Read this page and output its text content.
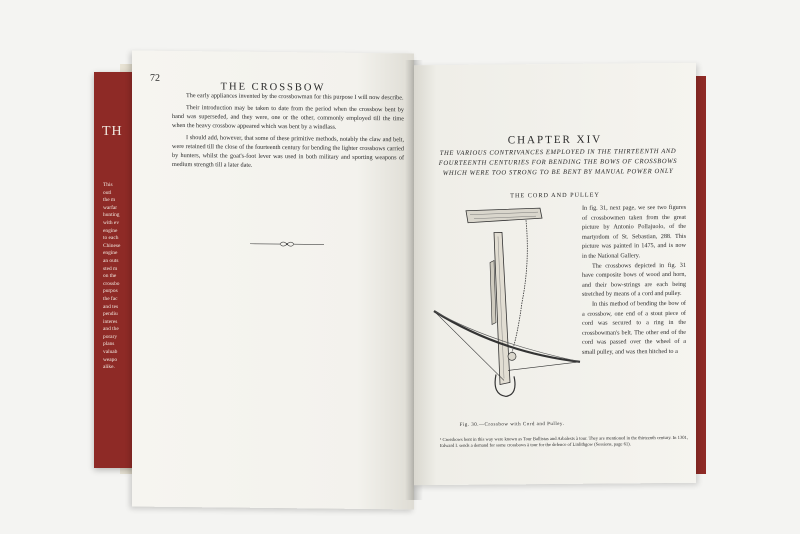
TH
This
outl
the m
warfar
hunting
with ev
engine
to each
Chinese
engine
an outs
sted m
on the
crossbo
purpos
the fac
and tes
pendiu
interes
and the
porary
plans
valuab
weapo
alike.
72
THE CROSSBOW

The early appliances invented by the crossbowman for this purpose I will now describe.

Their introduction may be taken to date from the period when the crossbow bent by hand was superseded, and they were, one or the other, commonly employed till the time when the heavy crossbow appeared which was bent by a windlass.

I should add, however, that some of these primitive methods, notably the claw and belt, were retained till the close of the fourteenth century for bending the lighter crossbows carried by hunters, whilst the goat's-foot lever was used in both military and sporting weapons of medium strength till a later date.

CHAPTER XIV
THE VARIOUS CONTRIVANCES EMPLOYED IN THE THIRTEENTH AND FOURTEENTH CENTURIES FOR BENDING THE BOWS OF CROSSBOWS WHICH WERE TOO STRONG TO BE BENT BY MANUAL POWER ONLY
THE CORD AND PULLEY

In fig. 31, next page, we see two figures of crossbowmen taken from the great picture by Antonio Pollajuolo, of the martyrdom of St. Sebastian, 288. This picture was painted in 1475, and is now in the National Gallery.

The crossbows depicted in fig. 31 have composite bows of wood and horn, and their bow-strings are each being stretched by means of a cord and pulley.

In this method of bending the bow of a crossbow, one end of a stout piece of cord was secured to a ring in the crossbowman's belt. The other end of the cord was passed over the wheel of a small pulley, and was then hitched to a

Fig. 30.—Crossbow with Cord and Pulley.
¹ Crossbows bent in this way were known as Tour Ballistas and Arbalests à tour. They are mentioned in the thirteenth century. In 1301, Edward I. sends a demand for some crossbows à tour for the defence of Linlithgow (Sessions, page 61).
